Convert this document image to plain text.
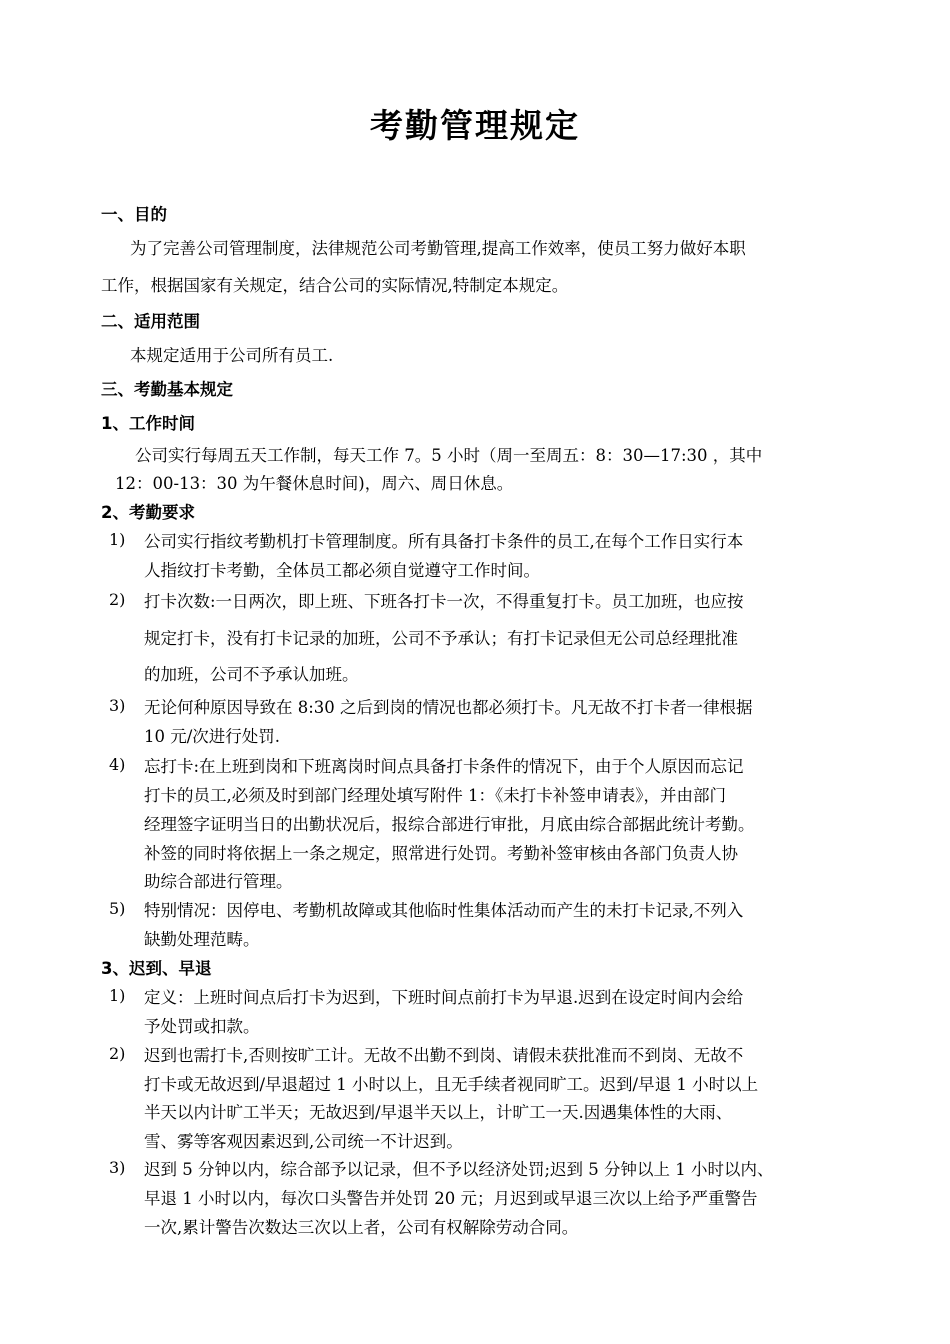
考勤管理规定
一、目的
为了完善公司管理制度，法律规范公司考勤管理,提高工作效率，使员工努力做好本职
工作，根据国家有关规定，结合公司的实际情况,特制定本规定。
二、适用范围
本规定适用于公司所有员工.
三、考勤基本规定
1、工作时间
公司实行每周五天工作制，每天工作 7。5 小时（周一至周五：8：30—17:30 ，其中
12：00-13：30 为午餐休息时间)，周六、周日休息。
2、考勤要求
1) 公司实行指纹考勤机打卡管理制度。所有具备打卡条件的员工,在每个工作日实行本
人指纹打卡考勤，全体员工都必须自觉遵守工作时间。
2) 打卡次数:一日两次，即上班、下班各打卡一次，不得重复打卡。员工加班，也应按
规定打卡，没有打卡记录的加班，公司不予承认；有打卡记录但无公司总经理批准
的加班，公司不予承认加班。
3) 无论何种原因导致在 8:30 之后到岗的情况也都必须打卡。凡无故不打卡者一律根据
10 元/次进行处罚.
4) 忘打卡:在上班到岗和下班离岗时间点具备打卡条件的情况下，由于个人原因而忘记
打卡的员工,必须及时到部门经理处填写附件 1：《未打卡补签申请表》，并由部门
经理签字证明当日的出勤状况后，报综合部进行审批，月底由综合部据此统计考勤。
补签的同时将依据上一条之规定，照常进行处罚。考勤补签审核由各部门负责人协
助综合部进行管理。
5) 特别情况：因停电、考勤机故障或其他临时性集体活动而产生的未打卡记录,不列入
缺勤处理范畴。
3、迟到、早退
1) 定义：上班时间点后打卡为迟到，下班时间点前打卡为早退.迟到在设定时间内会给
予处罚或扣款。
2) 迟到也需打卡,否则按旷工计。无故不出勤不到岗、请假未获批准而不到岗、无故不
打卡或无故迟到/早退超过 1 小时以上，且无手续者视同旷工。迟到/早退 1 小时以上
半天以内计旷工半天；无故迟到/早退半天以上，计旷工一天.因遇集体性的大雨、
雪、雾等客观因素迟到,公司统一不计迟到。
3) 迟到 5 分钟以内，综合部予以记录，但不予以经济处罚;迟到 5 分钟以上 1 小时以内、
早退 1 小时以内，每次口头警告并处罚 20 元；月迟到或早退三次以上给予严重警告
一次,累计警告次数达三次以上者，公司有权解除劳动合同。
